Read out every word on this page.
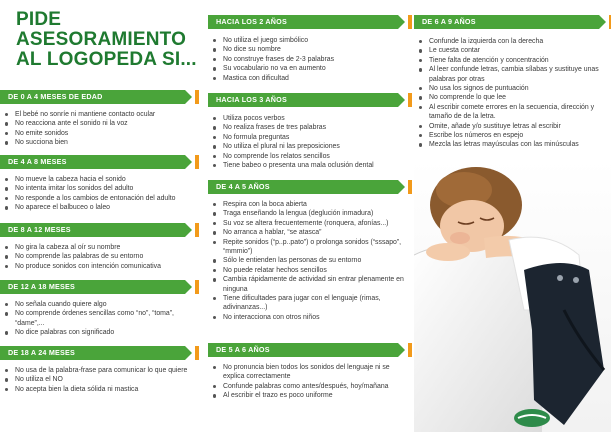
PIDE
ASESORAMIENTO
AL LOGOPEDA SI...
DE 0 A 4 MESES DE EDAD
El bebé no sonríe ni mantiene contacto ocular
No reacciona ante el sonido ni la voz
No emite sonidos
No succiona bien
DE 4 A 8 MESES
No mueve la cabeza hacia el sonido
No intenta imitar los sonidos del adulto
No responde a los cambios de entonación del adulto
No aparece el balbuceo o laleo
DE 8 A 12 MESES
No gira la cabeza al oír su nombre
No comprende las palabras de su entorno
No produce sonidos con intención comunicativa
DE 12 A 18 MESES
No señala cuando quiere algo
No comprende órdenes sencillas como “no”, “toma”, “dame”,...
No dice palabras con significado
DE 18 A 24 MESES
No usa de la palabra-frase para comunicar lo que quiere
No utiliza el NO
No acepta bien la dieta sólida ni mastica
HACIA LOS 2 AÑOS
No utiliza el juego simbólico
No dice su nombre
No construye frases de 2-3 palabras
Su vocabulario no va en aumento
Mastica con dificultad
HACIA LOS 3 AÑOS
Utiliza pocos verbos
No realiza frases de tres palabras
No formula preguntas
No utiliza el plural ni las preposiciones
No comprende los relatos sencillos
Tiene babeo o presenta una mala oclusión dental
DE 4 A 5 AÑOS
Respira con la boca abierta
Traga enseñando la lengua (deglución inmadura)
Su voz se altera frecuentemente (ronquera, afonías...)
No arranca a hablar, “se atasca”
Repite sonidos (“p..p..pato”) o prolonga sonidos (“sssapo”, “mmmio”)
Sólo le entienden las personas de su entorno
No puede relatar hechos sencillos
Cambia rápidamente de actividad sin entrar plenamente en ninguna
Tiene dificultades para jugar con el lenguaje (rimas, adivinanzas...)
No interacciona con otros niños
DE 5 A 6 AÑOS
No pronuncia bien todos los sonidos del lenguaje ni se explica correctamente
Confunde palabras como antes/después, hoy/mañana
Al escribir el trazo es poco uniforme
DE 6 A 9 AÑOS
Confunde la izquierda con la derecha
Le cuesta contar
Tiene falta de atención y concentración
Al leer confunde letras, cambia sílabas y sustituye unas palabras por otras
No usa los signos de puntuación
No comprende lo que lee
Al escribir comete errores en la secuencia, dirección y tamaño de de la letra.
Omite, añade y/o sustituye letras al escribir
Escribe los números en espejo
Mezcla las letras mayúsculas con las minúsculas
